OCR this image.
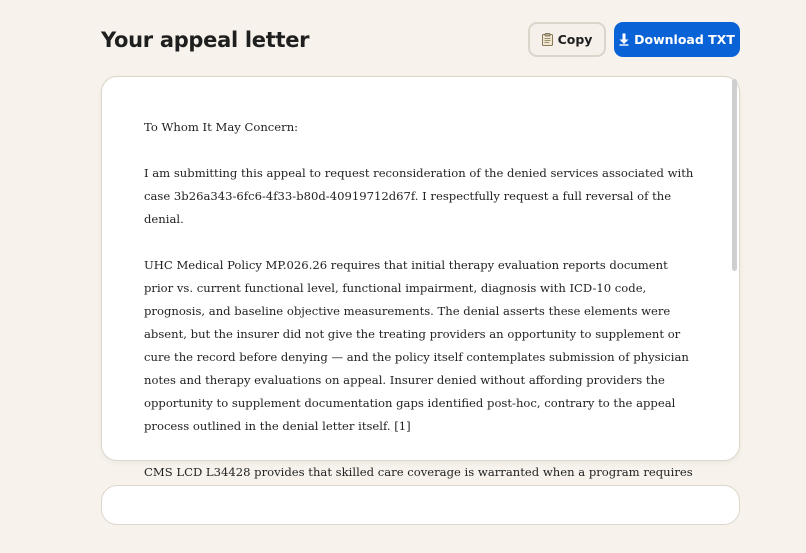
Your appeal letter	Copy	Download TXT

To Whom It May Concern:

I am submitting this appeal to request reconsideration of the denied services associated with case 3b26a343-6fc6-4f33-b80d-40919712d67f. I respectfully request a full reversal of the denial.

UHC Medical Policy MP.026.26 requires that initial therapy evaluation reports document prior vs. current functional level, functional impairment, diagnosis with ICD-10 code, prognosis, and baseline objective measurements. The denial asserts these elements were absent, but the insurer did not give the treating providers an opportunity to supplement or cure the record before denying — and the policy itself contemplates submission of physician notes and therapy evaluations on appeal. Insurer denied without affording providers the opportunity to supplement documentation gaps identified post-hoc, contrary to the appeal process outlined in the denial letter itself. [1]

CMS LCD L34428 provides that skilled care coverage is warranted when a program requires
